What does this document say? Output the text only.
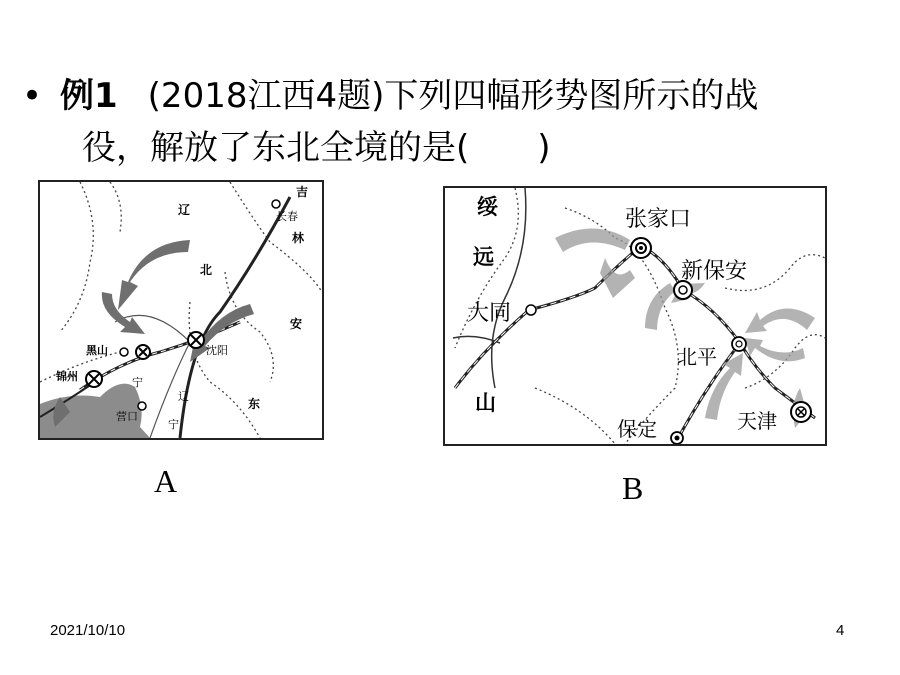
• 例1 (2018江西4题)下列四幅形势图所示的战
役，解放了东北全境的是(　　)
吉
长春
林
辽
北
安
东
黑山	沈阳
锦州
辽
宁
宁
营口
A
绥
远
山
张家口
新保安
大同
北平
天津
保定
B
2021/10/10	4
